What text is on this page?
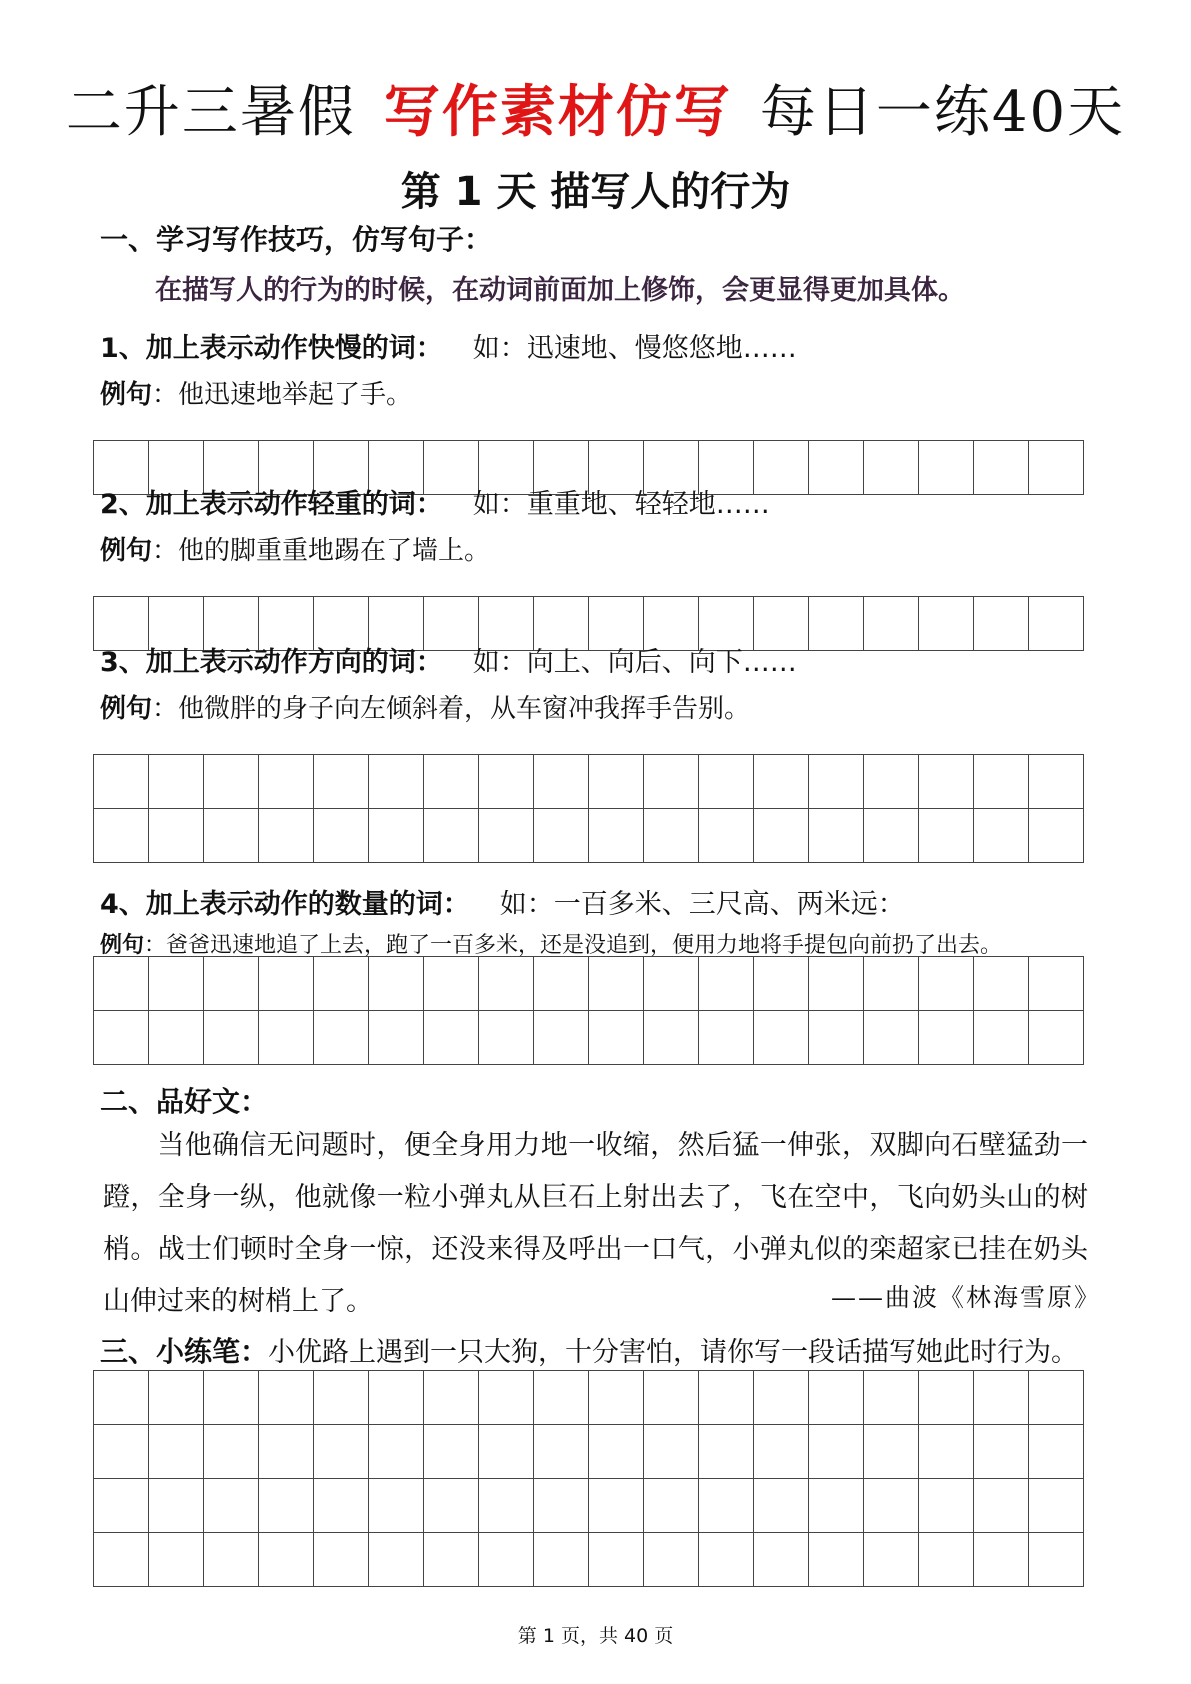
二升三暑假 写作素材仿写 每日一练40天
第 1 天 描写人的行为
一、学习写作技巧，仿写句子：
在描写人的行为的时候，在动词前面加上修饰，会更显得更加具体。
1、加上表示动作快慢的词： 如：迅速地、慢悠悠地……
例句：他迅速地举起了手。
2、加上表示动作轻重的词： 如：重重地、轻轻地……
例句：他的脚重重地踢在了墙上。
3、加上表示动作方向的词： 如：向上、向后、向下……
例句：他微胖的身子向左倾斜着，从车窗冲我挥手告别。
4、加上表示动作的数量的词： 如：一百多米、三尺高、两米远：
例句：爸爸迅速地追了上去，跑了一百多米，还是没追到，便用力地将手提包向前扔了出去。
二、品好文：
当他确信无问题时，便全身用力地一收缩，然后猛一伸张，双脚向石壁猛劲一蹬，全身一纵，他就像一粒小弹丸从巨石上射出去了，飞在空中，飞向奶头山的树梢。战士们顿时全身一惊，还没来得及呼出一口气，小弹丸似的栾超家已挂在奶头山伸过来的树梢上了。	——曲波《林海雪原》
三、小练笔：小优路上遇到一只大狗，十分害怕，请你写一段话描写她此时行为。
第 1 页，共 40 页
